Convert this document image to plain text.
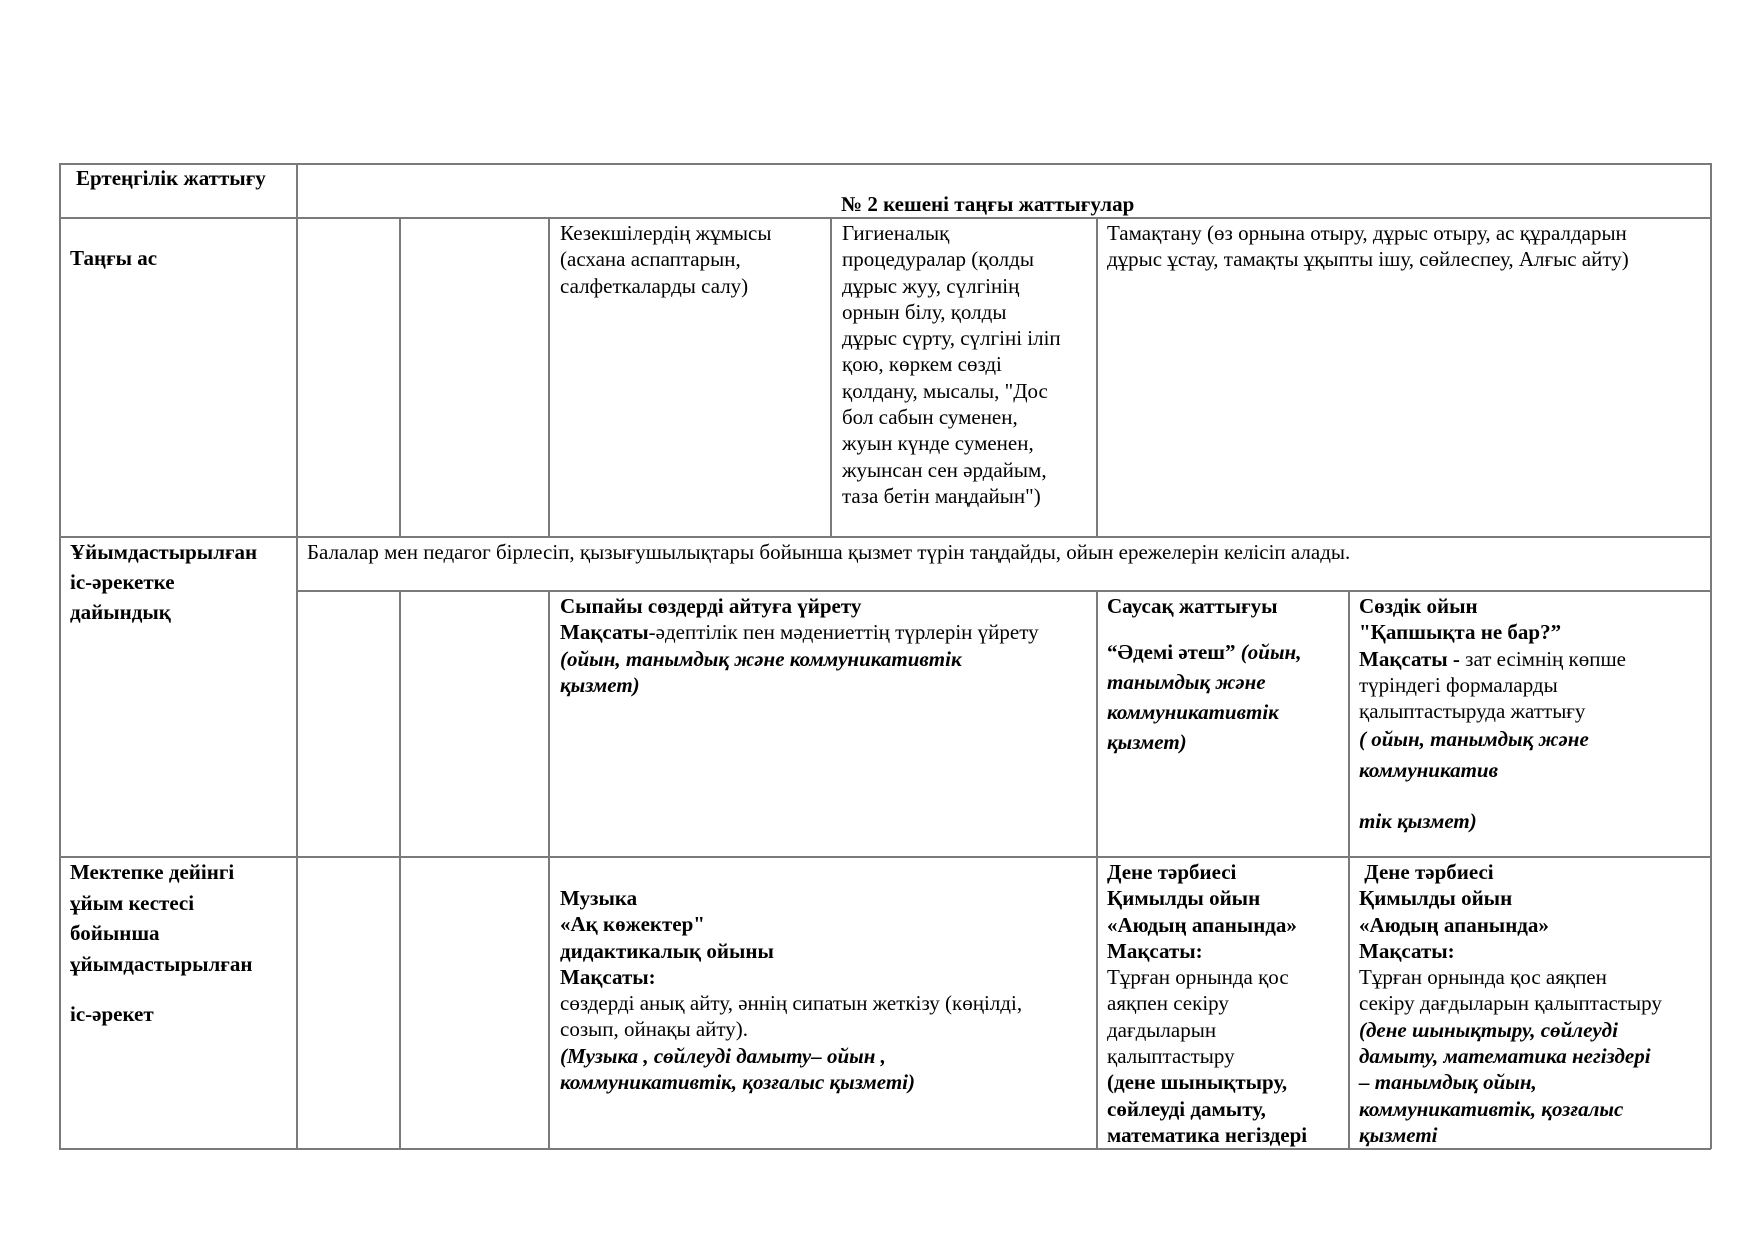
Ертеңгілік жаттығу
№ 2 кешені таңғы жаттығулар
Таңғы ас
Кезекшілердің жұмысы
(асхана аспаптарын,
салфеткаларды салу)
Гигиеналық
процедуралар (қолды
дұрыс жуу, сүлгінің
орнын білу, қолды
дұрыс сүрту, сүлгіні іліп
қою, көркем сөзді
қолдану, мысалы, "Дос
бол сабын суменен,
жуын күнде суменен,
жуынсан сен әрдайым,
таза бетін маңдайын")
Тамақтану (өз орнына отыру, дұрыс отыру, ас құралдарын
дұрыс ұстау, тамақты ұқыпты ішу, сөйлеспеу, Алғыс айту)
Ұйымдастырылған
іс-әрекетке
дайындық
Балалар мен педагог бірлесіп, қызығушылықтары бойынша қызмет түрін таңдайды, ойын ережелерін келісіп алады.
Сыпайы сөздерді айтуға үйрету
Мақсаты-әдептілік пен мәдениеттің түрлерін үйрету
(ойын, танымдық және коммуникативтік
қызмет)
Саусақ жаттығуы
“Әдемі әтеш” (ойын,
танымдық және
коммуникативтік
қызмет)
Сөздік ойын
"Қапшықта не бар?”
Мақсаты - зат есімнің көпше
түріндегі формаларды
қалыптастыруда жаттығу
( ойын, танымдық және
коммуникатив
тік қызмет)
Мектепке дейінгі
ұйым кестесі
бойынша
ұйымдастырылған
іс-әрекет
Музыка
«Ақ көжектер"
дидактикалық ойыны
Мақсаты:
сөздерді анық айту, әннің сипатын жеткізу (көңілді,
созып, ойнақы айту).
(Музыка , сөйлеуді дамыту– ойын ,
коммуникативтік, қозғалыс қызметі)
Дене тәрбиесі
Қимылды ойын
«Аюдың апанында»
Мақсаты:
Тұрған орнында қос
аяқпен секіру
дағдыларын
қалыптастыру
(дене шынықтыру,
сөйлеуді дамыту,
математика негіздері
Дене тәрбиесі
Қимылды ойын
«Аюдың апанында»
Мақсаты:
Тұрған орнында қос аяқпен
секіру дағдыларын қалыптастыру
(дене шынықтыру, сөйлеуді
дамыту, математика негіздері
– танымдық ойын,
коммуникативтік, қозғалыс
қызметі
